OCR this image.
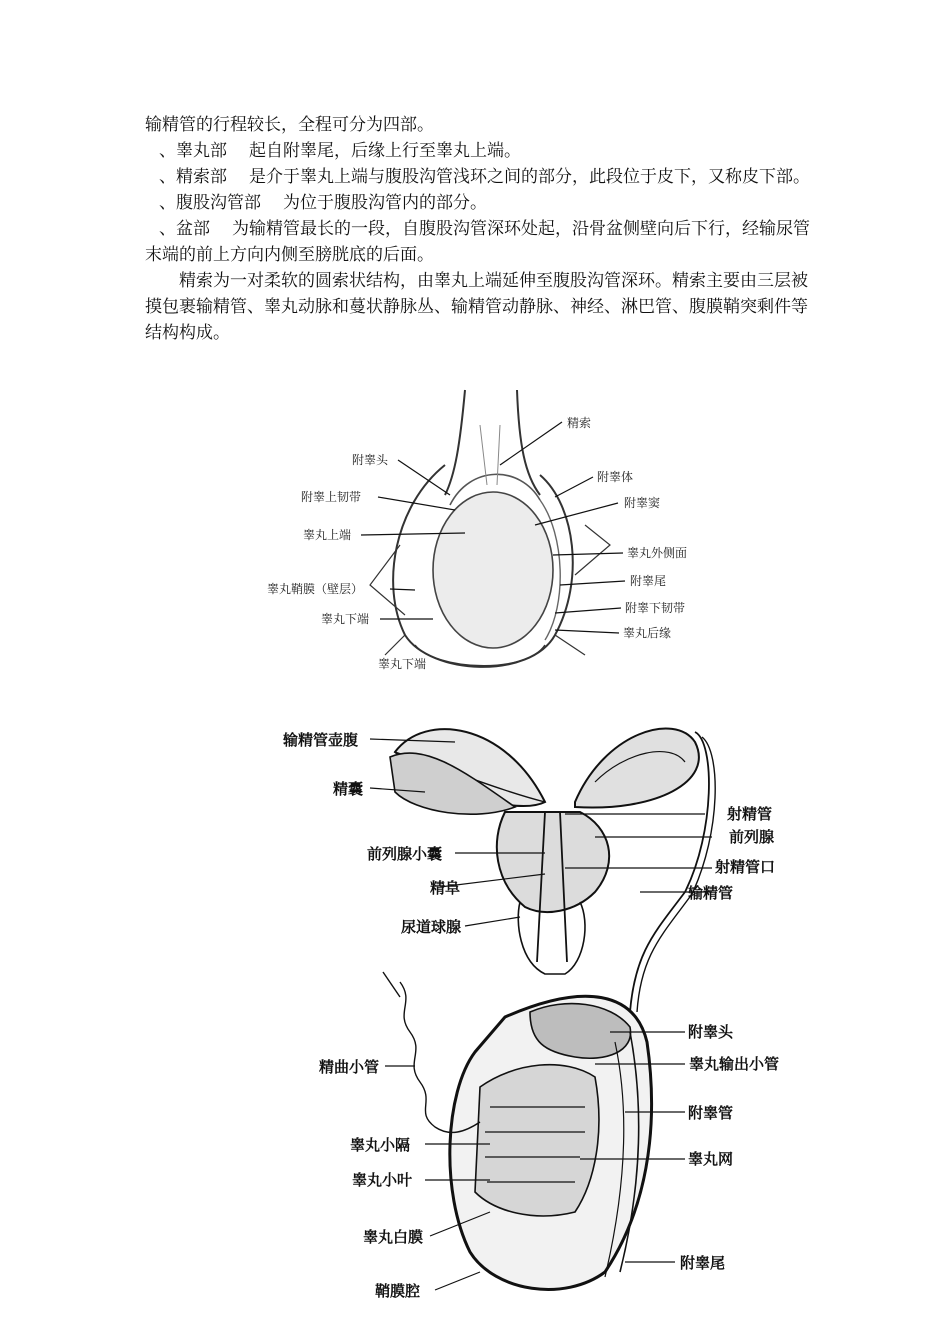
输精管的行程较长，全程可分为四部。

、睾丸部 起自附睾尾，后缘上行至睾丸上端。

、精索部 是介于睾丸上端与腹股沟管浅环之间的部分，此段位于皮下，又称皮下部。

、腹股沟管部 为位于腹股沟管内的部分。

、盆部 为输精管最长的一段，自腹股沟管深环处起，沿骨盆侧壁向后下行，经输尿管末端的前上方向内侧至膀胱底的后面。

精索为一对柔软的圆索状结构，由睾丸上端延伸至腹股沟管深环。精索主要由三层被摸包裹输精管、睾丸动脉和蔓状静脉丛、输精管动静脉、神经、淋巴管、腹膜鞘突剩件等结构构成。

精索
附睾头
附睾体
附睾上韧带	附睾窦
睾丸上端
睾丸外侧面
附睾尾
睾丸鞘膜（壁层）
附睾下韧带
睾丸下端
睾丸后缘
睾丸下端
输精管壶腹
精囊
射精管
前列腺
前列腺小囊
射精管口
精阜	输精管
尿道球腺
附睾头
精曲小管	睾丸输出小管
附睾管
睾丸小隔
睾丸网
睾丸小叶
睾丸白膜
附睾尾
鞘膜腔
